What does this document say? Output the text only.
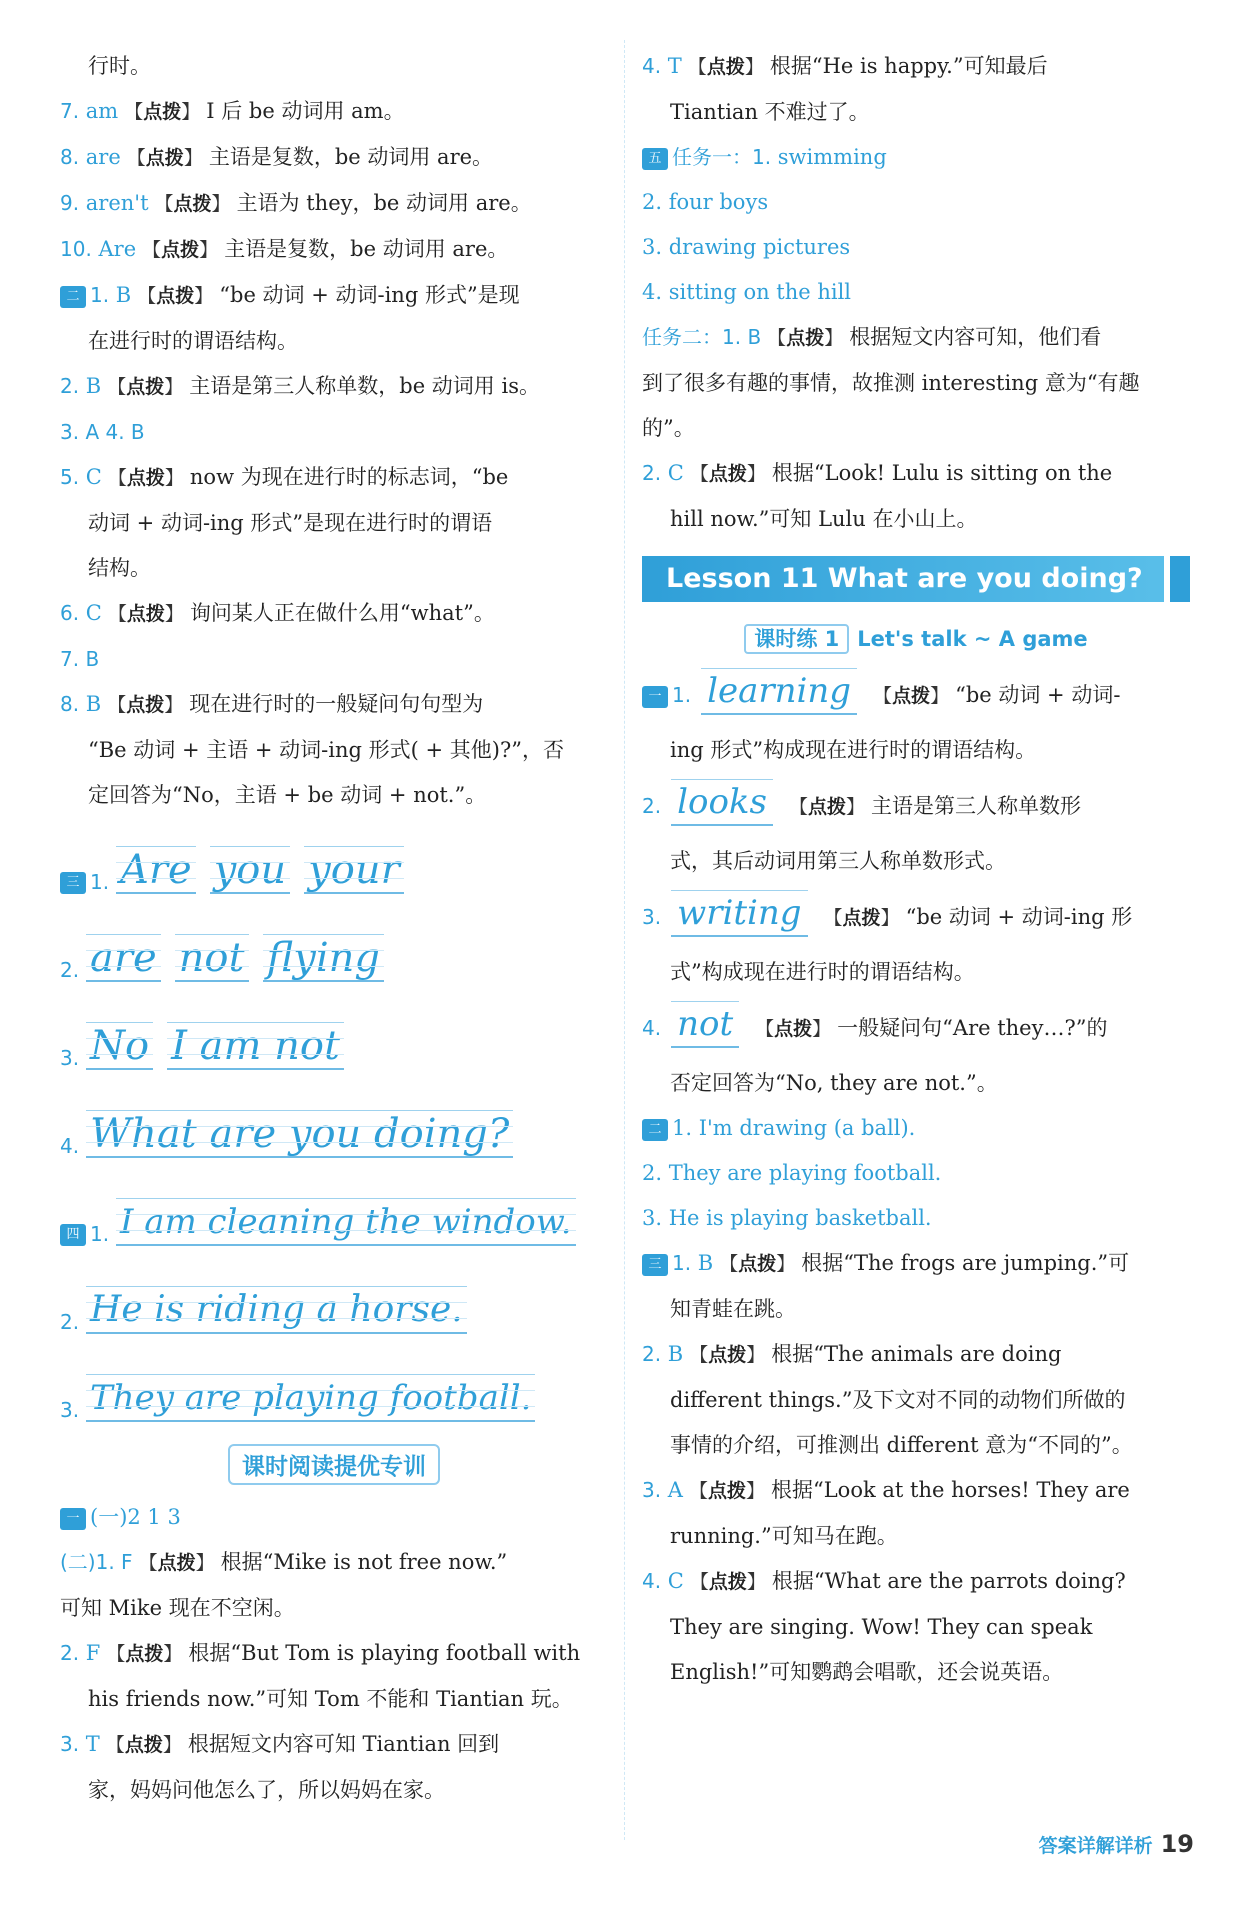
行时。
7. am 【点拨】 I 后 be 动词用 am。
8. are 【点拨】 主语是复数，be 动词用 are。
9. aren't 【点拨】 主语为 they，be 动词用 are。
10. Are 【点拨】 主语是复数，be 动词用 are。
二 1. B 【点拨】 “be 动词 + 动词-ing 形式”是现
在进行时的谓语结构。
2. B 【点拨】 主语是第三人称单数，be 动词用 is。
3. A 4. B
5. C 【点拨】 now 为现在进行时的标志词，“be
动词 + 动词-ing 形式”是现在进行时的谓语
结构。
6. C 【点拨】 询问某人正在做什么用“what”。
7. B
8. B 【点拨】 现在进行时的一般疑问句句型为
“Be 动词 + 主语 + 动词-ing 形式( + 其他)?”，否
定回答为“No，主语 + be 动词 + not.”。
三 1. Are you your
2. are not flying
3. No I am not
4. What are you doing?
四 1. I am cleaning the window.
2. He is riding a horse.
3. They are playing football.
课时阅读提优专训
一 (一)2 1 3
(二)1. F 【点拨】 根据“Mike is not free now.”
可知 Mike 现在不空闲。
2. F 【点拨】 根据“But Tom is playing football with
his friends now.”可知 Tom 不能和 Tiantian 玩。
3. T 【点拨】 根据短文内容可知 Tiantian 回到
家，妈妈问他怎么了，所以妈妈在家。
4. T 【点拨】 根据“He is happy.”可知最后
Tiantian 不难过了。
五 任务一：1. swimming
2. four boys
3. drawing pictures
4. sitting on the hill
任务二：1. B 【点拨】 根据短文内容可知，他们看
到了很多有趣的事情，故推测 interesting 意为“有趣
的”。
2. C 【点拨】 根据“Look! Lulu is sitting on the
hill now.”可知 Lulu 在小山上。
Lesson 11 What are you doing?
课时练 1 Let's talk ~ A game
一 1. learning 【点拨】 “be 动词 + 动词-
ing 形式”构成现在进行时的谓语结构。
2. looks 【点拨】 主语是第三人称单数形
式，其后动词用第三人称单数形式。
3. writing 【点拨】 “be 动词 + 动词-ing 形
式”构成现在进行时的谓语结构。
4. not 【点拨】 一般疑问句“Are they…?”的
否定回答为“No, they are not.”。
二 1. I'm drawing (a ball).
2. They are playing football.
3. He is playing basketball.
三 1. B 【点拨】 根据“The frogs are jumping.”可
知青蛙在跳。
2. B 【点拨】 根据“The animals are doing
different things.”及下文对不同的动物们所做的
事情的介绍，可推测出 different 意为“不同的”。
3. A 【点拨】 根据“Look at the horses! They are
running.”可知马在跑。
4. C 【点拨】 根据“What are the parrots doing?
They are singing. Wow! They can speak
English!”可知鹦鹉会唱歌，还会说英语。
答案详解详析 19
